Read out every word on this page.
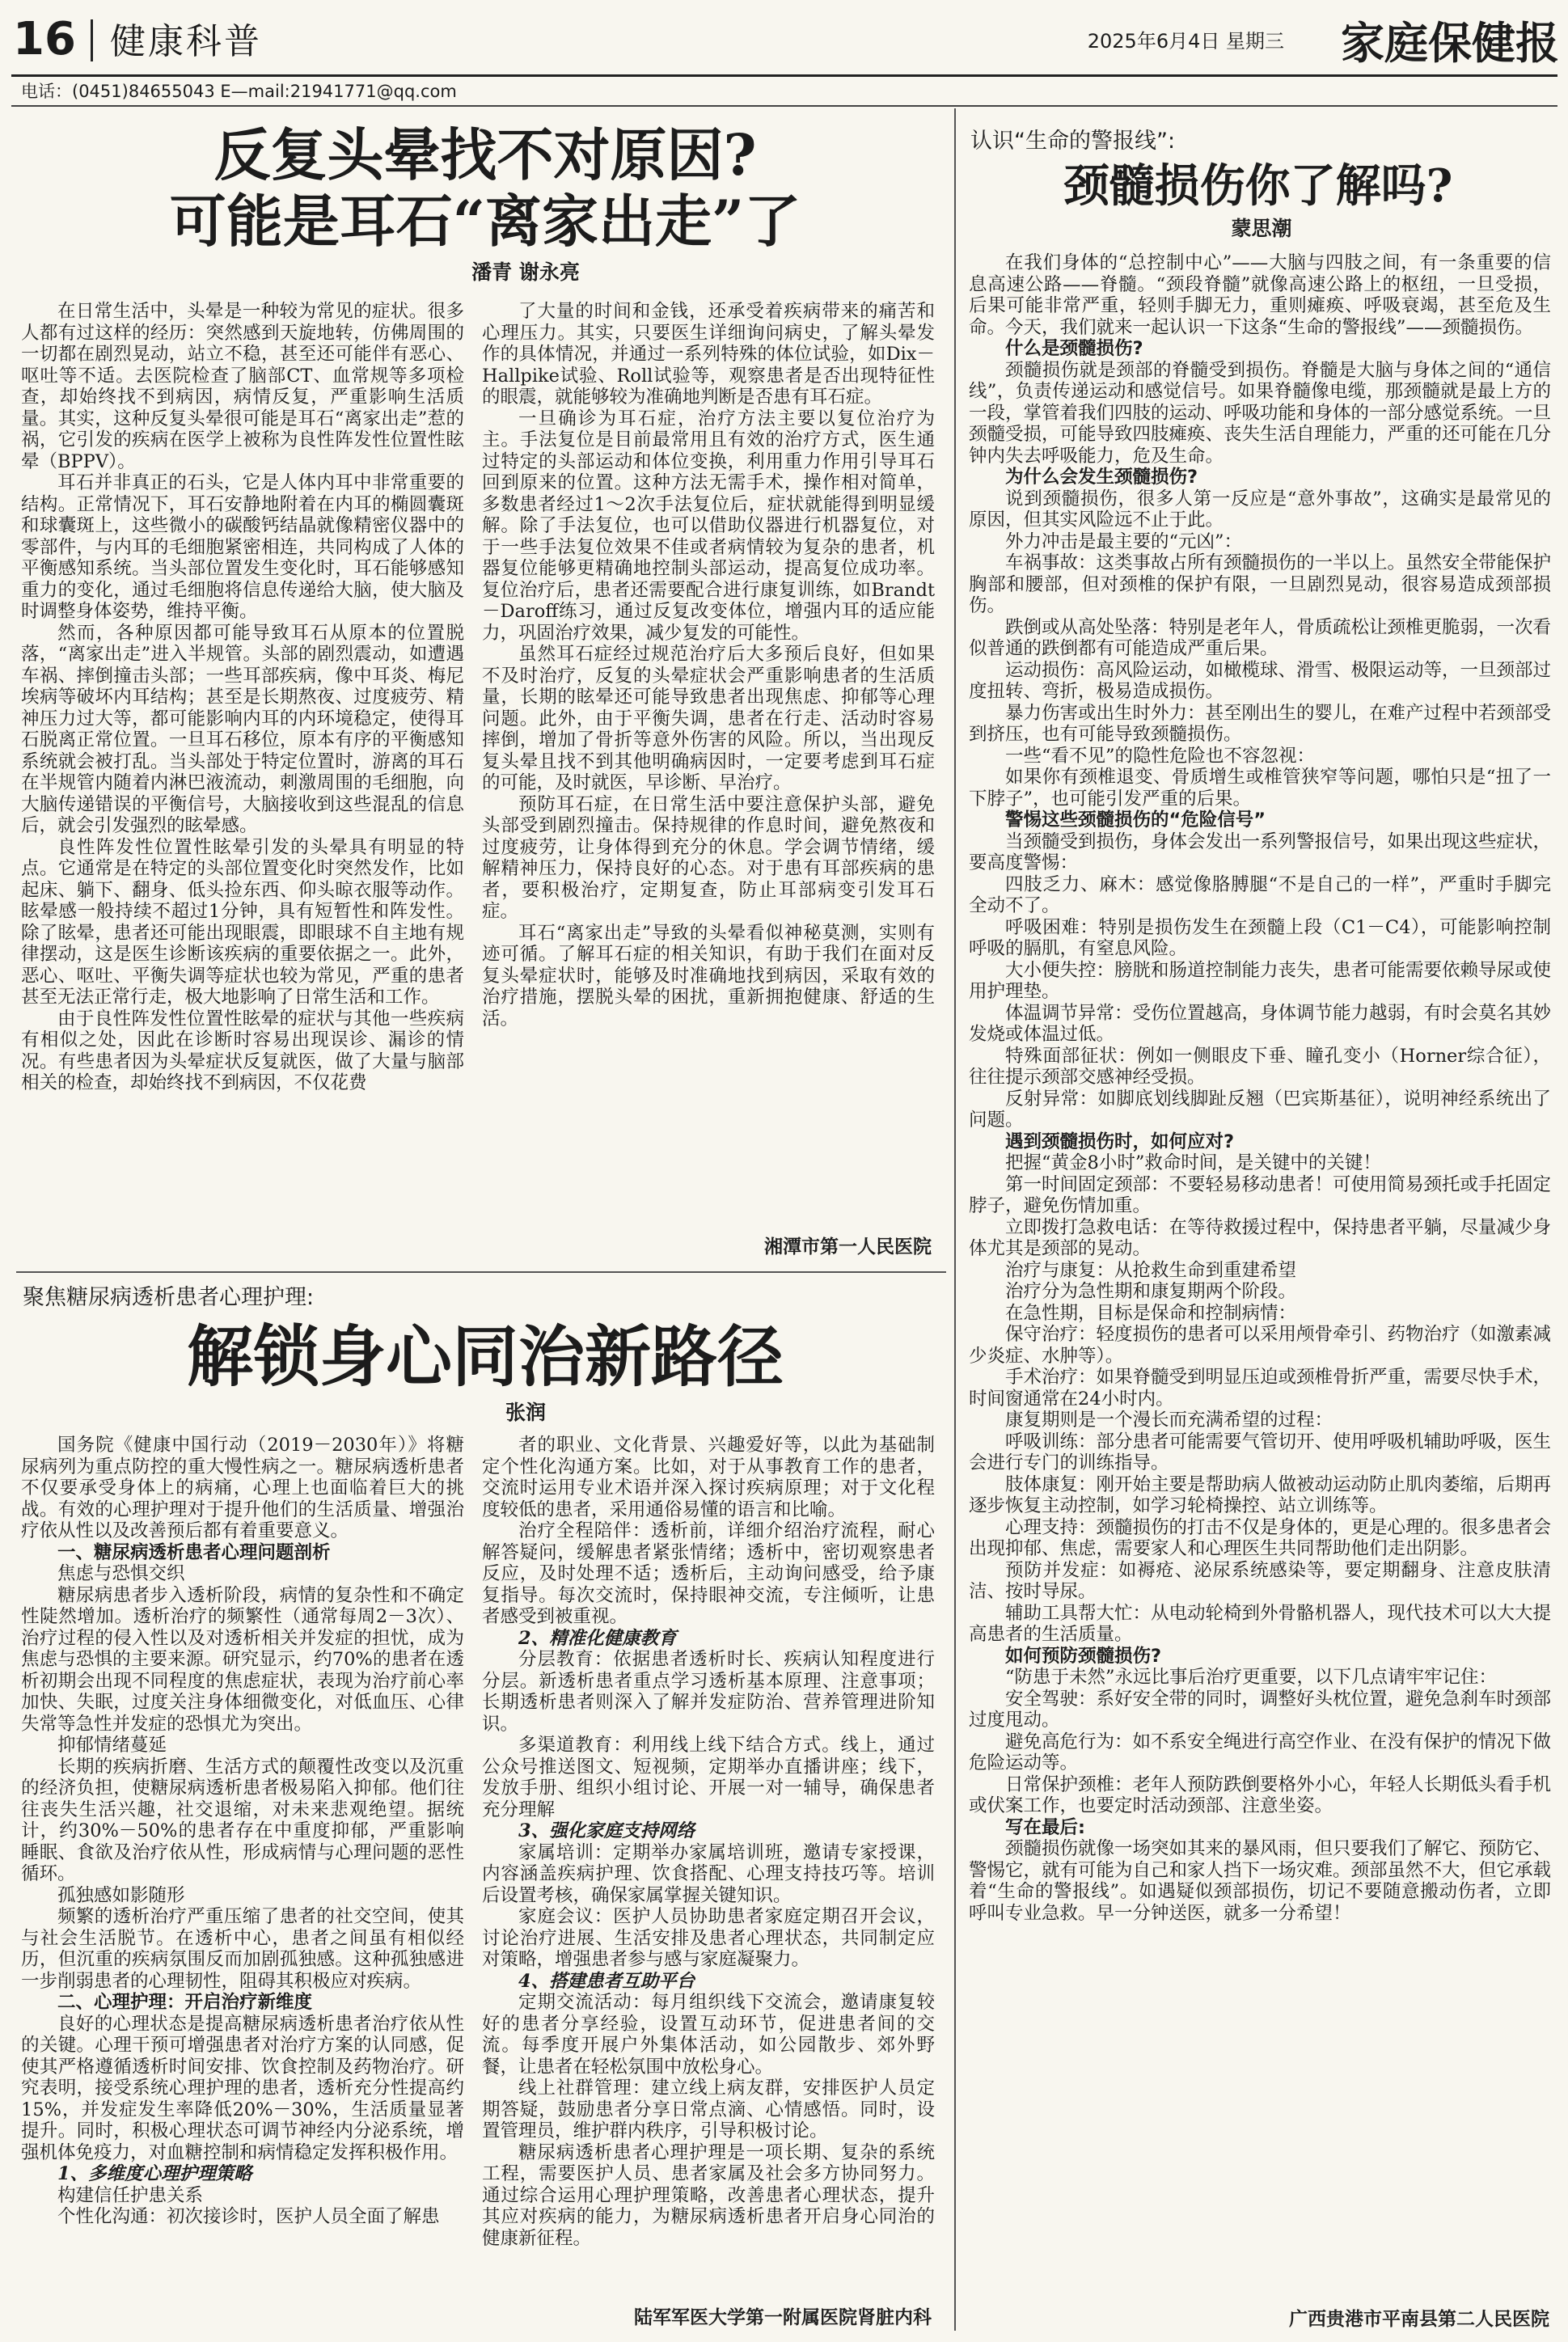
16 健康科普	2025年6月4日 星期三	家庭保健报
电话：(0451)84655043 E—mail:21941771@qq.com
反复头晕找不对原因?
可能是耳石“离家出走”了
潘青 谢永亮

在日常生活中，头晕是一种较为常见的症状。很多人都有过这样的经历：突然感到天旋地转，仿佛周围的一切都在剧烈晃动，站立不稳，甚至还可能伴有恶心、呕吐等不适。去医院检查了脑部CT、血常规等多项检查，却始终找不到病因，病情反复，严重影响生活质量。其实，这种反复头晕很可能是耳石“离家出走”惹的祸，它引发的疾病在医学上被称为良性阵发性位置性眩晕（BPPV）。

耳石并非真正的石头，它是人体内耳中非常重要的结构。正常情况下，耳石安静地附着在内耳的椭圆囊斑和球囊斑上，这些微小的碳酸钙结晶就像精密仪器中的零部件，与内耳的毛细胞紧密相连，共同构成了人体的平衡感知系统。当头部位置发生变化时，耳石能够感知重力的变化，通过毛细胞将信息传递给大脑，使大脑及时调整身体姿势，维持平衡。

然而，各种原因都可能导致耳石从原本的位置脱落，“离家出走”进入半规管。头部的剧烈震动，如遭遇车祸、摔倒撞击头部；一些耳部疾病，像中耳炎、梅尼埃病等破坏内耳结构；甚至是长期熬夜、过度疲劳、精神压力过大等，都可能影响内耳的内环境稳定，使得耳石脱离正常位置。一旦耳石移位，原本有序的平衡感知系统就会被打乱。当头部处于特定位置时，游离的耳石在半规管内随着内淋巴液流动，刺激周围的毛细胞，向大脑传递错误的平衡信号，大脑接收到这些混乱的信息后，就会引发强烈的眩晕感。

良性阵发性位置性眩晕引发的头晕具有明显的特点。它通常是在特定的头部位置变化时突然发作，比如起床、躺下、翻身、低头捡东西、仰头晾衣服等动作。眩晕感一般持续不超过1分钟，具有短暂性和阵发性。除了眩晕，患者还可能出现眼震，即眼球不自主地有规律摆动，这是医生诊断该疾病的重要依据之一。此外，恶心、呕吐、平衡失调等症状也较为常见，严重的患者甚至无法正常行走，极大地影响了日常生活和工作。

由于良性阵发性位置性眩晕的症状与其他一些疾病有相似之处，因此在诊断时容易出现误诊、漏诊的情况。有些患者因为头晕症状反复就医，做了大量与脑部相关的检查，却始终找不到病因，不仅花费

了大量的时间和金钱，还承受着疾病带来的痛苦和心理压力。其实，只要医生详细询问病史，了解头晕发作的具体情况，并通过一系列特殊的体位试验，如Dix－Hallpike试验、Roll试验等，观察患者是否出现特征性的眼震，就能够较为准确地判断是否患有耳石症。

一旦确诊为耳石症，治疗方法主要以复位治疗为主。手法复位是目前最常用且有效的治疗方式，医生通过特定的头部运动和体位变换，利用重力作用引导耳石回到原来的位置。这种方法无需手术，操作相对简单，多数患者经过1～2次手法复位后，症状就能得到明显缓解。除了手法复位，也可以借助仪器进行机器复位，对于一些手法复位效果不佳或者病情较为复杂的患者，机器复位能够更精确地控制头部运动，提高复位成功率。复位治疗后，患者还需要配合进行康复训练，如Brandt－Daroff练习，通过反复改变体位，增强内耳的适应能力，巩固治疗效果，减少复发的可能性。

虽然耳石症经过规范治疗后大多预后良好，但如果不及时治疗，反复的头晕症状会严重影响患者的生活质量，长期的眩晕还可能导致患者出现焦虑、抑郁等心理问题。此外，由于平衡失调，患者在行走、活动时容易摔倒，增加了骨折等意外伤害的风险。所以，当出现反复头晕且找不到其他明确病因时，一定要考虑到耳石症的可能，及时就医，早诊断、早治疗。

预防耳石症，在日常生活中要注意保护头部，避免头部受到剧烈撞击。保持规律的作息时间，避免熬夜和过度疲劳，让身体得到充分的休息。学会调节情绪，缓解精神压力，保持良好的心态。对于患有耳部疾病的患者，要积极治疗，定期复查，防止耳部病变引发耳石症。

耳石“离家出走”导致的头晕看似神秘莫测，实则有迹可循。了解耳石症的相关知识，有助于我们在面对反复头晕症状时，能够及时准确地找到病因，采取有效的治疗措施，摆脱头晕的困扰，重新拥抱健康、舒适的生活。

湘潭市第一人民医院
聚焦糖尿病透析患者心理护理:
解锁身心同治新路径
张润

国务院《健康中国行动（2019－2030年）》将糖尿病列为重点防控的重大慢性病之一。糖尿病透析患者不仅要承受身体上的病痛，心理上也面临着巨大的挑战。有效的心理护理对于提升他们的生活质量、增强治疗依从性以及改善预后都有着重要意义。

一、糖尿病透析患者心理问题剖析

焦虑与恐惧交织

糖尿病患者步入透析阶段，病情的复杂性和不确定性陡然增加。透析治疗的频繁性（通常每周2－3次）、治疗过程的侵入性以及对透析相关并发症的担忧，成为焦虑与恐惧的主要来源。研究显示，约70%的患者在透析初期会出现不同程度的焦虑症状，表现为治疗前心率加快、失眠，过度关注身体细微变化，对低血压、心律失常等急性并发症的恐惧尤为突出。

抑郁情绪蔓延

长期的疾病折磨、生活方式的颠覆性改变以及沉重的经济负担，使糖尿病透析患者极易陷入抑郁。他们往往丧失生活兴趣，社交退缩，对未来悲观绝望。据统计，约30%－50%的患者存在中重度抑郁，严重影响睡眠、食欲及治疗依从性，形成病情与心理问题的恶性循环。

孤独感如影随形

频繁的透析治疗严重压缩了患者的社交空间，使其与社会生活脱节。在透析中心，患者之间虽有相似经历，但沉重的疾病氛围反而加剧孤独感。这种孤独感进一步削弱患者的心理韧性，阻碍其积极应对疾病。

二、心理护理：开启治疗新维度

良好的心理状态是提高糖尿病透析患者治疗依从性的关键。心理干预可增强患者对治疗方案的认同感，促使其严格遵循透析时间安排、饮食控制及药物治疗。研究表明，接受系统心理护理的患者，透析充分性提高约15%，并发症发生率降低20%－30%，生活质量显著提升。同时，积极心理状态可调节神经内分泌系统，增强机体免疫力，对血糖控制和病情稳定发挥积极作用。

1、多维度心理护理策略

构建信任护患关系

个性化沟通：初次接诊时，医护人员全面了解患

者的职业、文化背景、兴趣爱好等，以此为基础制定个性化沟通方案。比如，对于从事教育工作的患者，交流时运用专业术语并深入探讨疾病原理；对于文化程度较低的患者，采用通俗易懂的语言和比喻。

治疗全程陪伴：透析前，详细介绍治疗流程，耐心解答疑问，缓解患者紧张情绪；透析中，密切观察患者反应，及时处理不适；透析后，主动询问感受，给予康复指导。每次交流时，保持眼神交流，专注倾听，让患者感受到被重视。

2、精准化健康教育

分层教育：依据患者透析时长、疾病认知程度进行分层。新透析患者重点学习透析基本原理、注意事项；长期透析患者则深入了解并发症防治、营养管理进阶知识。

多渠道教育：利用线上线下结合方式。线上，通过公众号推送图文、短视频，定期举办直播讲座；线下，发放手册、组织小组讨论、开展一对一辅导，确保患者充分理解

3、强化家庭支持网络

家属培训：定期举办家属培训班，邀请专家授课，内容涵盖疾病护理、饮食搭配、心理支持技巧等。培训后设置考核，确保家属掌握关键知识。

家庭会议：医护人员协助患者家庭定期召开会议，讨论治疗进展、生活安排及患者心理状态，共同制定应对策略，增强患者参与感与家庭凝聚力。

4、搭建患者互助平台

定期交流活动：每月组织线下交流会，邀请康复较好的患者分享经验，设置互动环节，促进患者间的交流。每季度开展户外集体活动，如公园散步、郊外野餐，让患者在轻松氛围中放松身心。

线上社群管理：建立线上病友群，安排医护人员定期答疑，鼓励患者分享日常点滴、心情感悟。同时，设置管理员，维护群内秩序，引导积极讨论。

糖尿病透析患者心理护理是一项长期、复杂的系统工程，需要医护人员、患者家属及社会多方协同努力。通过综合运用心理护理策略，改善患者心理状态，提升其应对疾病的能力，为糖尿病透析患者开启身心同治的健康新征程。

陆军军医大学第一附属医院肾脏内科
认识“生命的警报线”:
颈髓损伤你了解吗?
蒙思潮

在我们身体的“总控制中心”——大脑与四肢之间，有一条重要的信息高速公路——脊髓。“颈段脊髓”就像高速公路上的枢纽，一旦受损，后果可能非常严重，轻则手脚无力，重则瘫痪、呼吸衰竭，甚至危及生命。今天，我们就来一起认识一下这条“生命的警报线”——颈髓损伤。

什么是颈髓损伤?

颈髓损伤就是颈部的脊髓受到损伤。脊髓是大脑与身体之间的“通信线”，负责传递运动和感觉信号。如果脊髓像电缆，那颈髓就是最上方的一段，掌管着我们四肢的运动、呼吸功能和身体的一部分感觉系统。一旦颈髓受损，可能导致四肢瘫痪、丧失生活自理能力，严重的还可能在几分钟内失去呼吸能力，危及生命。

为什么会发生颈髓损伤?

说到颈髓损伤，很多人第一反应是“意外事故”，这确实是最常见的原因，但其实风险远不止于此。

外力冲击是最主要的“元凶”：

车祸事故：这类事故占所有颈髓损伤的一半以上。虽然安全带能保护胸部和腰部，但对颈椎的保护有限，一旦剧烈晃动，很容易造成颈部损伤。

跌倒或从高处坠落：特别是老年人，骨质疏松让颈椎更脆弱，一次看似普通的跌倒都有可能造成严重后果。

运动损伤：高风险运动，如橄榄球、滑雪、极限运动等，一旦颈部过度扭转、弯折，极易造成损伤。

暴力伤害或出生时外力：甚至刚出生的婴儿，在难产过程中若颈部受到挤压，也有可能导致颈髓损伤。

一些“看不见”的隐性危险也不容忽视：

如果你有颈椎退变、骨质增生或椎管狭窄等问题，哪怕只是“扭了一下脖子”，也可能引发严重的后果。

警惕这些颈髓损伤的“危险信号”

当颈髓受到损伤，身体会发出一系列警报信号，如果出现这些症状，要高度警惕：

四肢乏力、麻木：感觉像胳膊腿“不是自己的一样”，严重时手脚完全动不了。

呼吸困难：特别是损伤发生在颈髓上段（C1－C4），可能影响控制呼吸的膈肌，有窒息风险。

大小便失控：膀胱和肠道控制能力丧失，患者可能需要依赖导尿或使用护理垫。

体温调节异常：受伤位置越高，身体调节能力越弱，有时会莫名其妙发烧或体温过低。

特殊面部征状：例如一侧眼皮下垂、瞳孔变小（Horner综合征），往往提示颈部交感神经受损。

反射异常：如脚底划线脚趾反翘（巴宾斯基征），说明神经系统出了问题。

遇到颈髓损伤时，如何应对?

把握“黄金8小时”救命时间，是关键中的关键！

第一时间固定颈部：不要轻易移动患者！可使用简易颈托或手托固定脖子，避免伤情加重。

立即拨打急救电话：在等待救援过程中，保持患者平躺，尽量减少身体尤其是颈部的晃动。

治疗与康复：从抢救生命到重建希望

治疗分为急性期和康复期两个阶段。

在急性期，目标是保命和控制病情：

保守治疗：轻度损伤的患者可以采用颅骨牵引、药物治疗（如激素减少炎症、水肿等）。

手术治疗：如果脊髓受到明显压迫或颈椎骨折严重，需要尽快手术，时间窗通常在24小时内。

康复期则是一个漫长而充满希望的过程：

呼吸训练：部分患者可能需要气管切开、使用呼吸机辅助呼吸，医生会进行专门的训练指导。

肢体康复：刚开始主要是帮助病人做被动运动防止肌肉萎缩，后期再逐步恢复主动控制，如学习轮椅操控、站立训练等。

心理支持：颈髓损伤的打击不仅是身体的，更是心理的。很多患者会出现抑郁、焦虑，需要家人和心理医生共同帮助他们走出阴影。

预防并发症：如褥疮、泌尿系统感染等，要定期翻身、注意皮肤清洁、按时导尿。

辅助工具帮大忙：从电动轮椅到外骨骼机器人，现代技术可以大大提高患者的生活质量。

如何预防颈髓损伤?

“防患于未然”永远比事后治疗更重要，以下几点请牢牢记住：

安全驾驶：系好安全带的同时，调整好头枕位置，避免急刹车时颈部过度甩动。

避免高危行为：如不系安全绳进行高空作业、在没有保护的情况下做危险运动等。

日常保护颈椎：老年人预防跌倒要格外小心，年轻人长期低头看手机或伏案工作，也要定时活动颈部、注意坐姿。

写在最后:

颈髓损伤就像一场突如其来的暴风雨，但只要我们了解它、预防它、警惕它，就有可能为自己和家人挡下一场灾难。颈部虽然不大，但它承载着“生命的警报线”。如遇疑似颈部损伤，切记不要随意搬动伤者，立即呼叫专业急救。早一分钟送医，就多一分希望！

广西贵港市平南县第二人民医院
